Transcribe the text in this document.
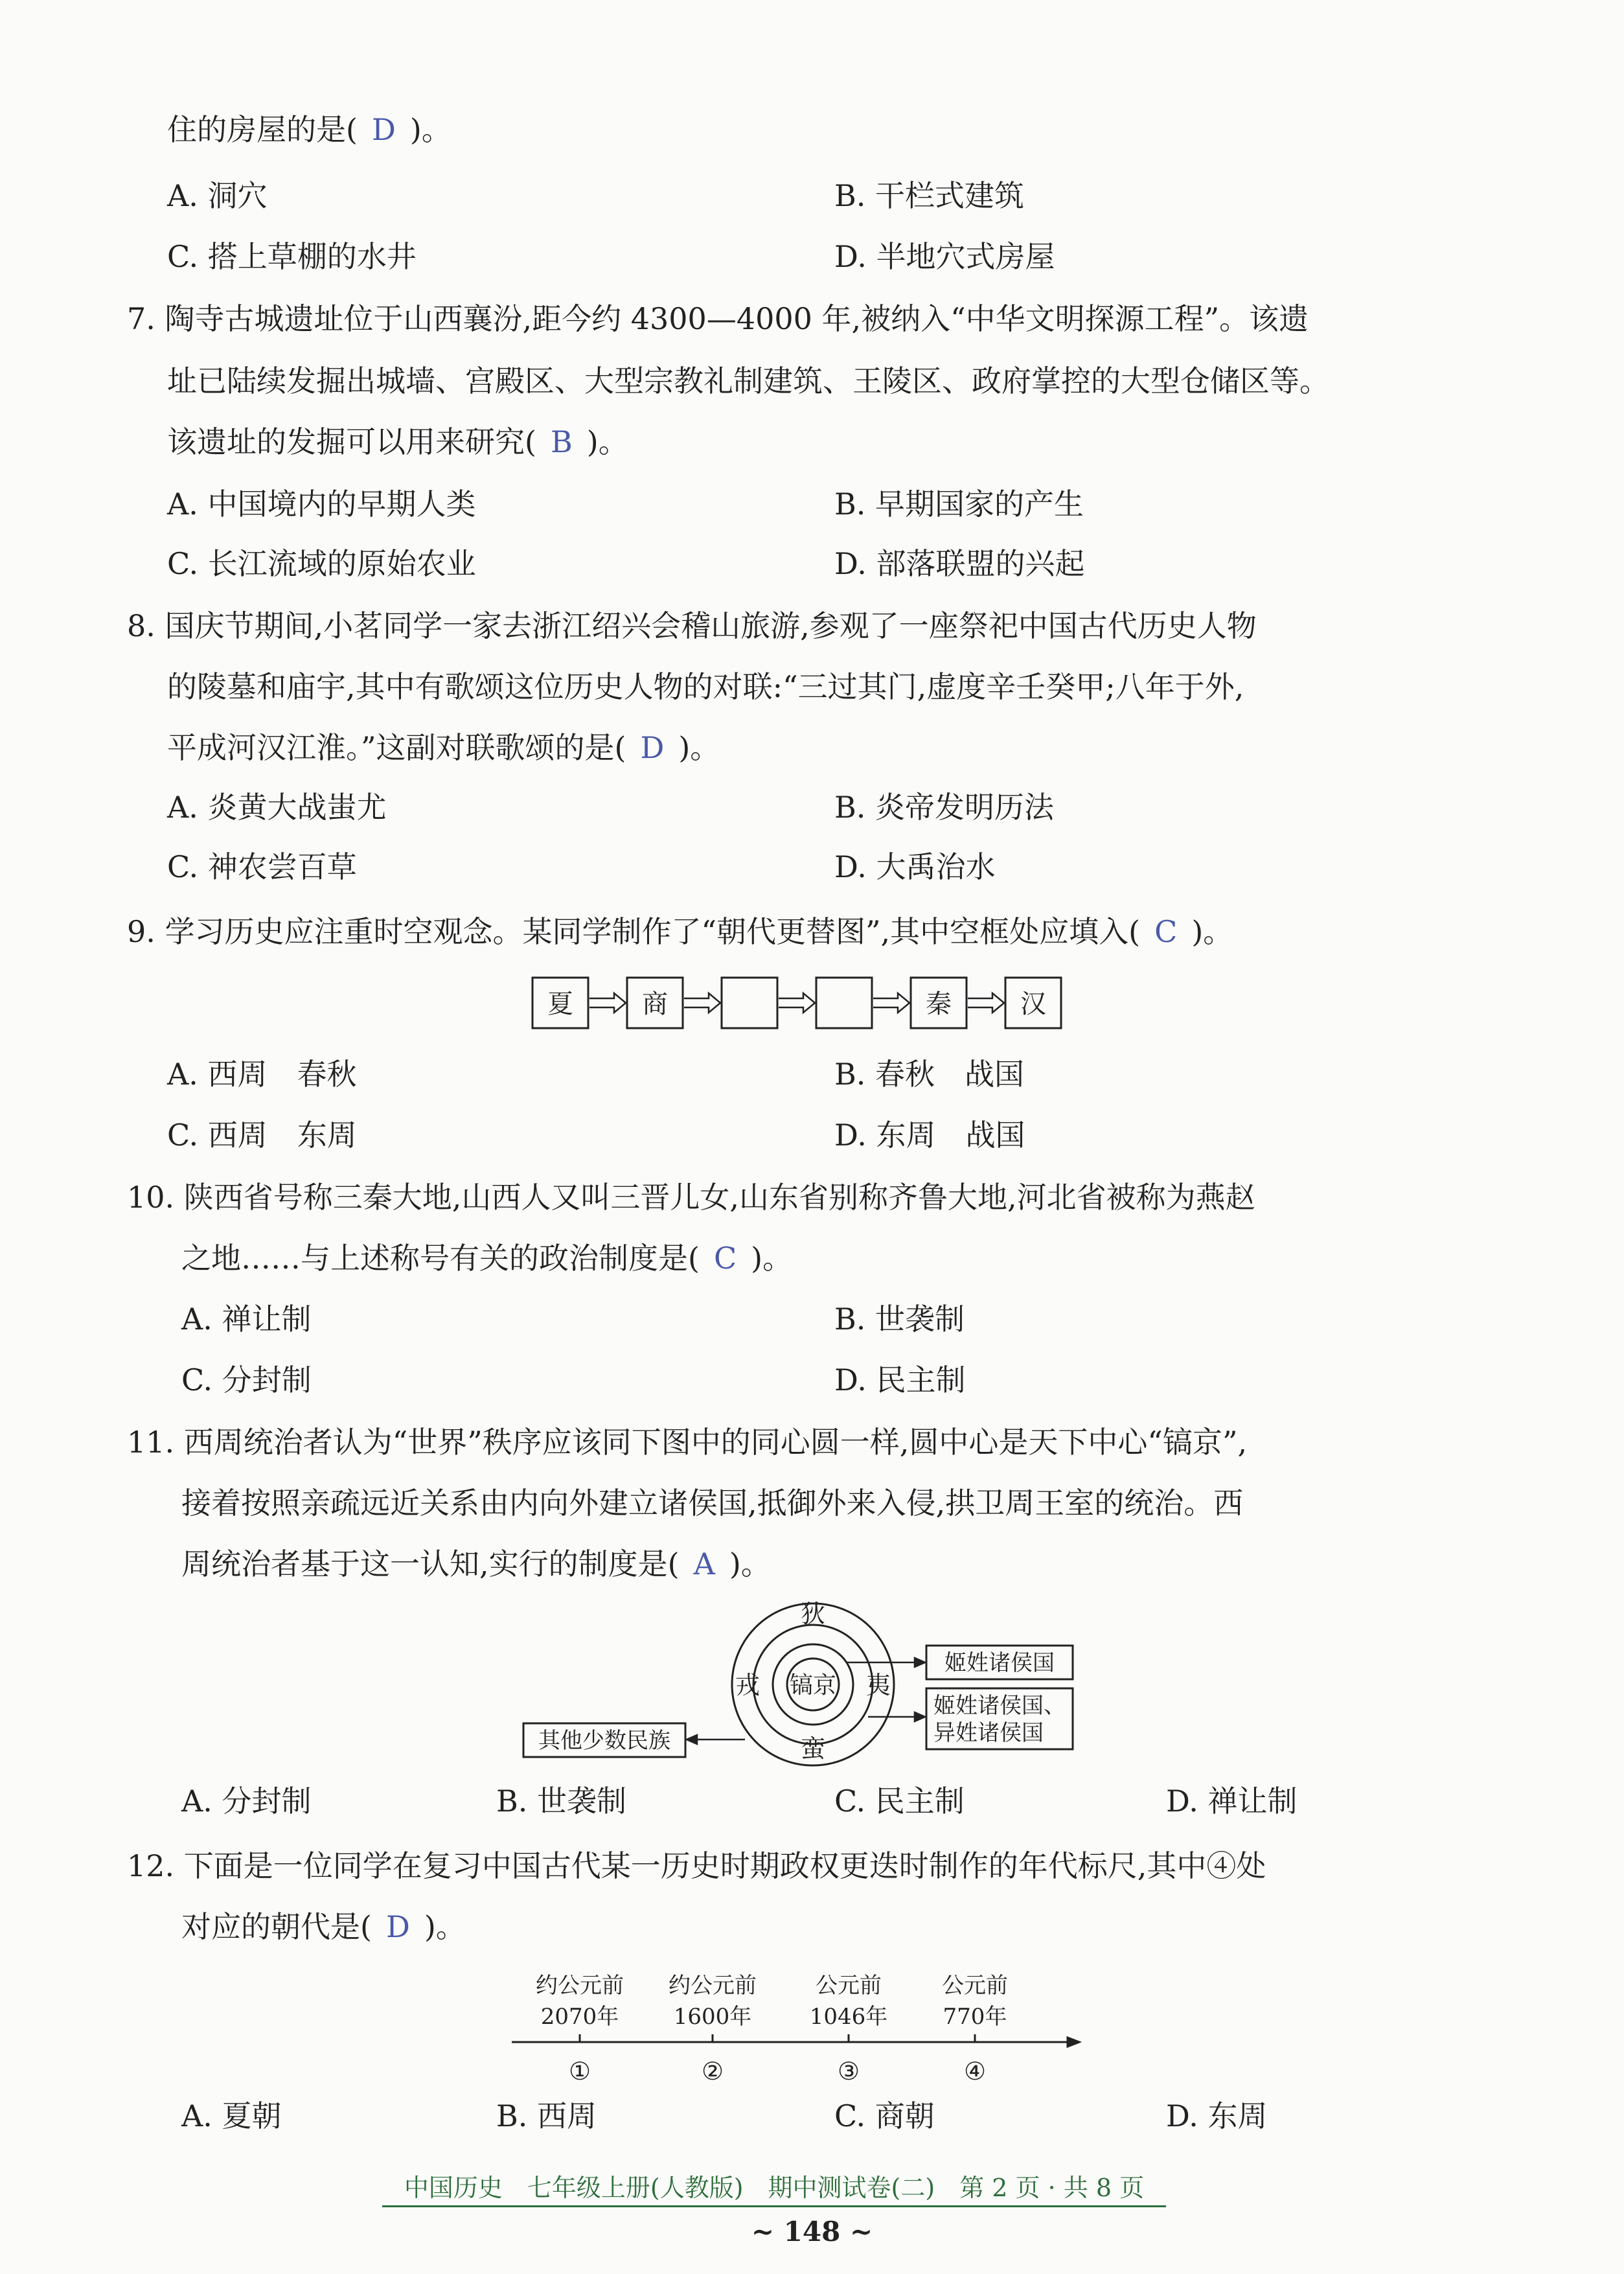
住的房屋的是( D )。
A. 洞穴	B. 干栏式建筑
C. 搭上草棚的水井	D. 半地穴式房屋
7. 陶寺古城遗址位于山西襄汾,距今约 4300—4000 年,被纳入“中华文明探源工程”。该遗
址已陆续发掘出城墙、宫殿区、大型宗教礼制建筑、王陵区、政府掌控的大型仓储区等。
该遗址的发掘可以用来研究( B )。
A. 中国境内的早期人类	B. 早期国家的产生
C. 长江流域的原始农业	D. 部落联盟的兴起
8. 国庆节期间,小茗同学一家去浙江绍兴会稽山旅游,参观了一座祭祀中国古代历史人物
的陵墓和庙宇,其中有歌颂这位历史人物的对联:“三过其门,虚度辛壬癸甲;八年于外,
平成河汉江淮。”这副对联歌颂的是( D )。
A. 炎黄大战蚩尤	B. 炎帝发明历法
C. 神农尝百草	D. 大禹治水
9. 学习历史应注重时空观念。某同学制作了“朝代更替图”,其中空框处应填入( C )。
夏	商	秦	汉
A. 西周　春秋	B. 春秋　战国
C. 西周　东周	D. 东周　战国
10. 陕西省号称三秦大地,山西人又叫三晋儿女,山东省别称齐鲁大地,河北省被称为燕赵
之地……与上述称号有关的政治制度是( C )。
A. 禅让制	B. 世袭制
C. 分封制	D. 民主制
11. 西周统治者认为“世界”秩序应该同下图中的同心圆一样,圆中心是天下中心“镐京”,
接着按照亲疏远近关系由内向外建立诸侯国,抵御外来入侵,拱卫周王室的统治。西
周统治者基于这一认知,实行的制度是( A )。
镐京
狄
戎	夷
蛮
姬姓诸侯国
姬姓诸侯国、
异姓诸侯国
其他少数民族
A. 分封制	B. 世袭制	C. 民主制	D. 禅让制
12. 下面是一位同学在复习中国古代某一历史时期政权更迭时制作的年代标尺,其中④处
对应的朝代是( D )。
约公元前
2070年
①
约公元前
1600年
②
公元前
1046年
③
公元前
770年
④
A. 夏朝	B. 西周	C. 商朝	D. 东周
中国历史　七年级上册(人教版)　期中测试卷(二)　第 2 页 · 共 8 页
~ 148 ~
